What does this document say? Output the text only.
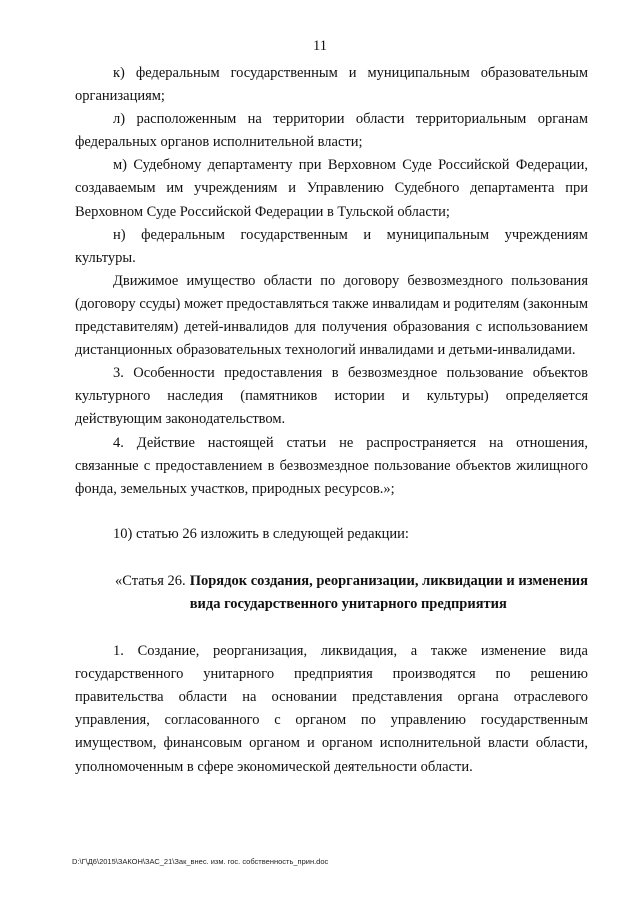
11

к) федеральным государственным и муниципальным образовательным организациям;

л) расположенным на территории области территориальным органам федеральных органов исполнительной власти;

м) Судебному департаменту при Верховном Суде Российской Федерации, создаваемым им учреждениям и Управлению Судебного департамента при Верховном Суде Российской Федерации в Тульской области;

н) федеральным государственным и муниципальным учреждениям культуры.

Движимое имущество области по договору безвозмездного пользования (договору ссуды) может предоставляться также инвалидам и родителям (законным представителям) детей-инвалидов для получения образования с использованием дистанционных образовательных технологий инвалидами и детьми-инвалидами.

3. Особенности предоставления в безвозмездное пользование объектов культурного наследия (памятников истории и культуры) определяется действующим законодательством.

4. Действие настоящей статьи не распространяется на отношения, связанные с предоставлением в безвозмездное пользование объектов жилищного фонда, земельных участков, природных ресурсов.»;

10) статью 26 изложить в следующей редакции:

«Статья 26. Порядок создания, реорганизации, ликвидации и изменения вида государственного унитарного предприятия

1. Создание, реорганизация, ликвидация, а также изменение вида государственного унитарного предприятия производятся по решению правительства области на основании представления органа отраслевого управления, согласованного с органом по управлению государственным имуществом, финансовым органом и органом исполнительной власти области, уполномоченным в сфере экономической деятельности области.

D:\Г\Д6\2015\ЗАКОН\ЗАС_21\Зак_внес. изм. гос. собственность_прин.doc
